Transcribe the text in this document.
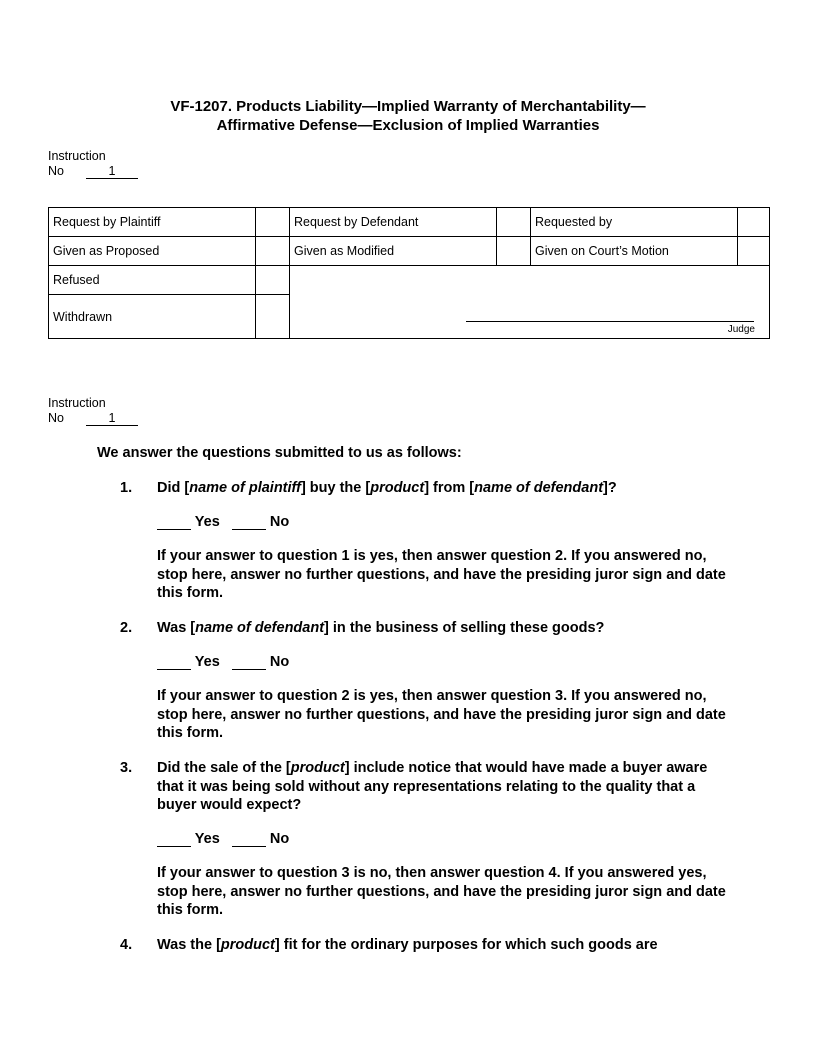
VF-1207. Products Liability—Implied Warranty of Merchantability—
Affirmative Defense—Exclusion of Implied Warranties
Instruction
No	1
Request by Plaintiff		Request by Defendant		Requested by	
Given as Proposed		Given as Modified		Given on Court’s Motion	
Refused		Judge			

Withdrawn					
Instruction
No	1
We answer the questions submitted to us as follows:
1. Did [name of plaintiff] buy the [product] from [name of defendant]?
Yes	No
If your answer to question 1 is yes, then answer question 2. If you answered no, stop here, answer no further questions, and have the presiding juror sign and date this form.
2. Was [name of defendant] in the business of selling these goods?
Yes	No
If your answer to question 2 is yes, then answer question 3. If you answered no, stop here, answer no further questions, and have the presiding juror sign and date this form.
3. Did the sale of the [product] include notice that would have made a buyer aware that it was being sold without any representations relating to the quality that a buyer would expect?
Yes	No
If your answer to question 3 is no, then answer question 4. If you answered yes, stop here, answer no further questions, and have the presiding juror sign and date this form.
4. Was the [product] fit for the ordinary purposes for which such goods are
